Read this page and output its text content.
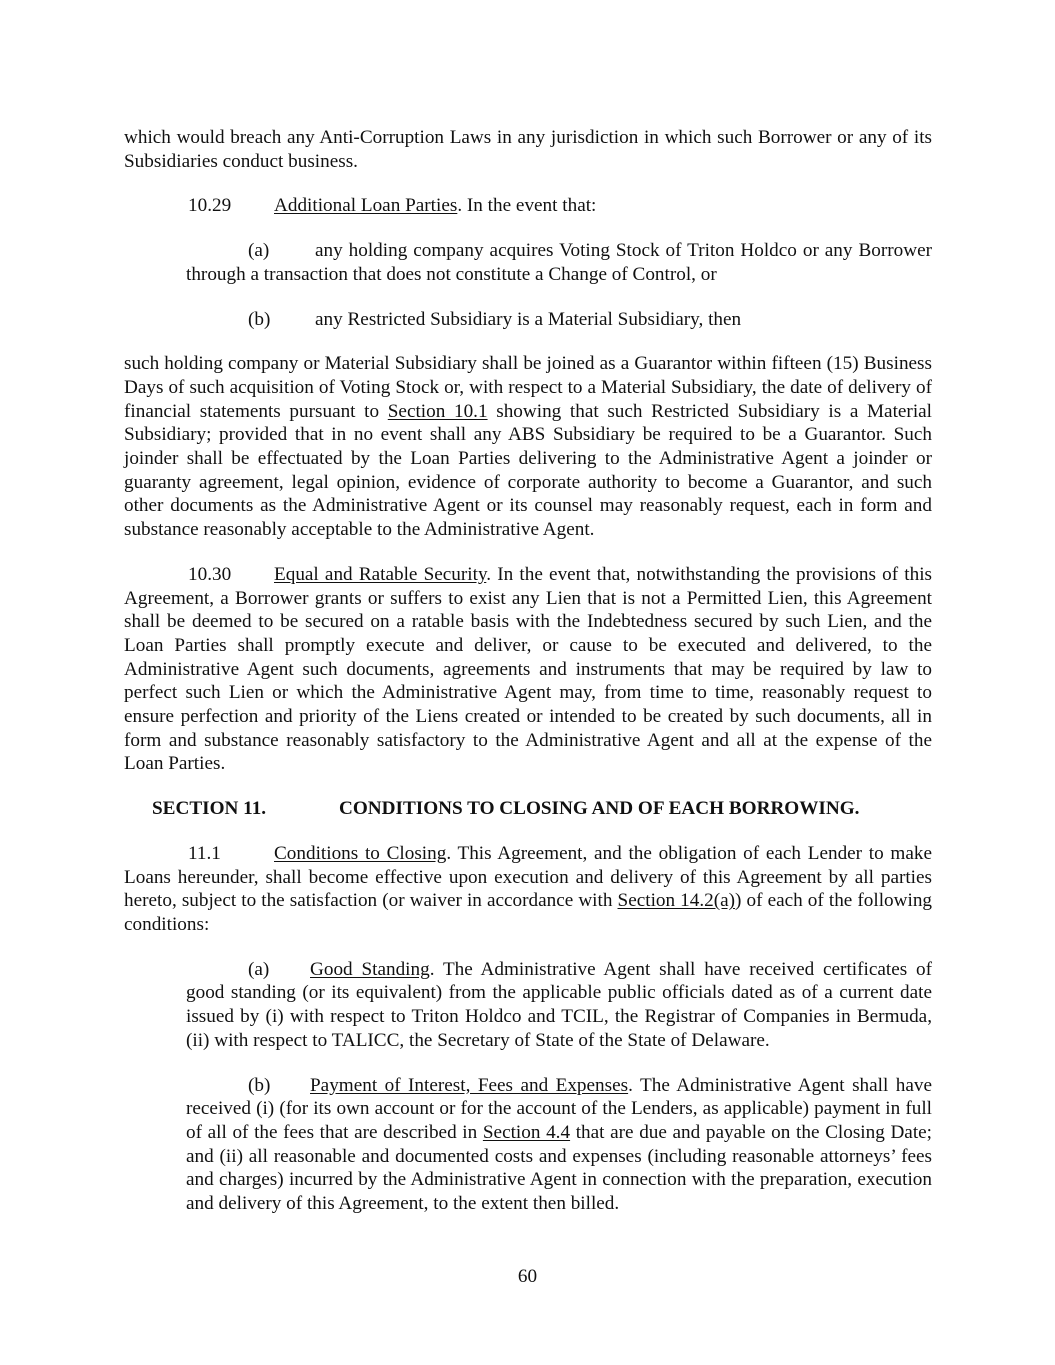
which would breach any Anti-Corruption Laws in any jurisdiction in which such Borrower or any of its Subsidiaries conduct business.

10.29 Additional Loan Parties. In the event that:

(a) any holding company acquires Voting Stock of Triton Holdco or any Borrower through a transaction that does not constitute a Change of Control, or

(b) any Restricted Subsidiary is a Material Subsidiary, then

such holding company or Material Subsidiary shall be joined as a Guarantor within fifteen (15) Business Days of such acquisition of Voting Stock or, with respect to a Material Subsidiary, the date of delivery of financial statements pursuant to Section 10.1 showing that such Restricted Subsidiary is a Material Subsidiary; provided that in no event shall any ABS Subsidiary be required to be a Guarantor. Such joinder shall be effectuated by the Loan Parties delivering to the Administrative Agent a joinder or guaranty agreement, legal opinion, evidence of corporate authority to become a Guarantor, and such other documents as the Administrative Agent or its counsel may reasonably request, each in form and substance reasonably acceptable to the Administrative Agent.

10.30 Equal and Ratable Security. In the event that, notwithstanding the provisions of this Agreement, a Borrower grants or suffers to exist any Lien that is not a Permitted Lien, this Agreement shall be deemed to be secured on a ratable basis with the Indebtedness secured by such Lien, and the Loan Parties shall promptly execute and deliver, or cause to be executed and delivered, to the Administrative Agent such documents, agreements and instruments that may be required by law to perfect such Lien or which the Administrative Agent may, from time to time, reasonably request to ensure perfection and priority of the Liens created or intended to be created by such documents, all in form and substance reasonably satisfactory to the Administrative Agent and all at the expense of the Loan Parties.

SECTION 11.	CONDITIONS TO CLOSING AND OF EACH BORROWING.

11.1	Conditions to Closing. This Agreement, and the obligation of each Lender to make Loans hereunder, shall become effective upon execution and delivery of this Agreement by all parties hereto, subject to the satisfaction (or waiver in accordance with Section 14.2(a)) of each of the following conditions:

(a) Good Standing. The Administrative Agent shall have received certificates of good standing (or its equivalent) from the applicable public officials dated as of a current date issued by (i) with respect to Triton Holdco and TCIL, the Registrar of Companies in Bermuda, (ii) with respect to TALICC, the Secretary of State of the State of Delaware.

(b) Payment of Interest, Fees and Expenses. The Administrative Agent shall have received (i) (for its own account or for the account of the Lenders, as applicable) payment in full of all of the fees that are described in Section 4.4 that are due and payable on the Closing Date; and (ii) all reasonable and documented costs and expenses (including reasonable attorneys’ fees and charges) incurred by the Administrative Agent in connection with the preparation, execution and delivery of this Agreement, to the extent then billed.

60
